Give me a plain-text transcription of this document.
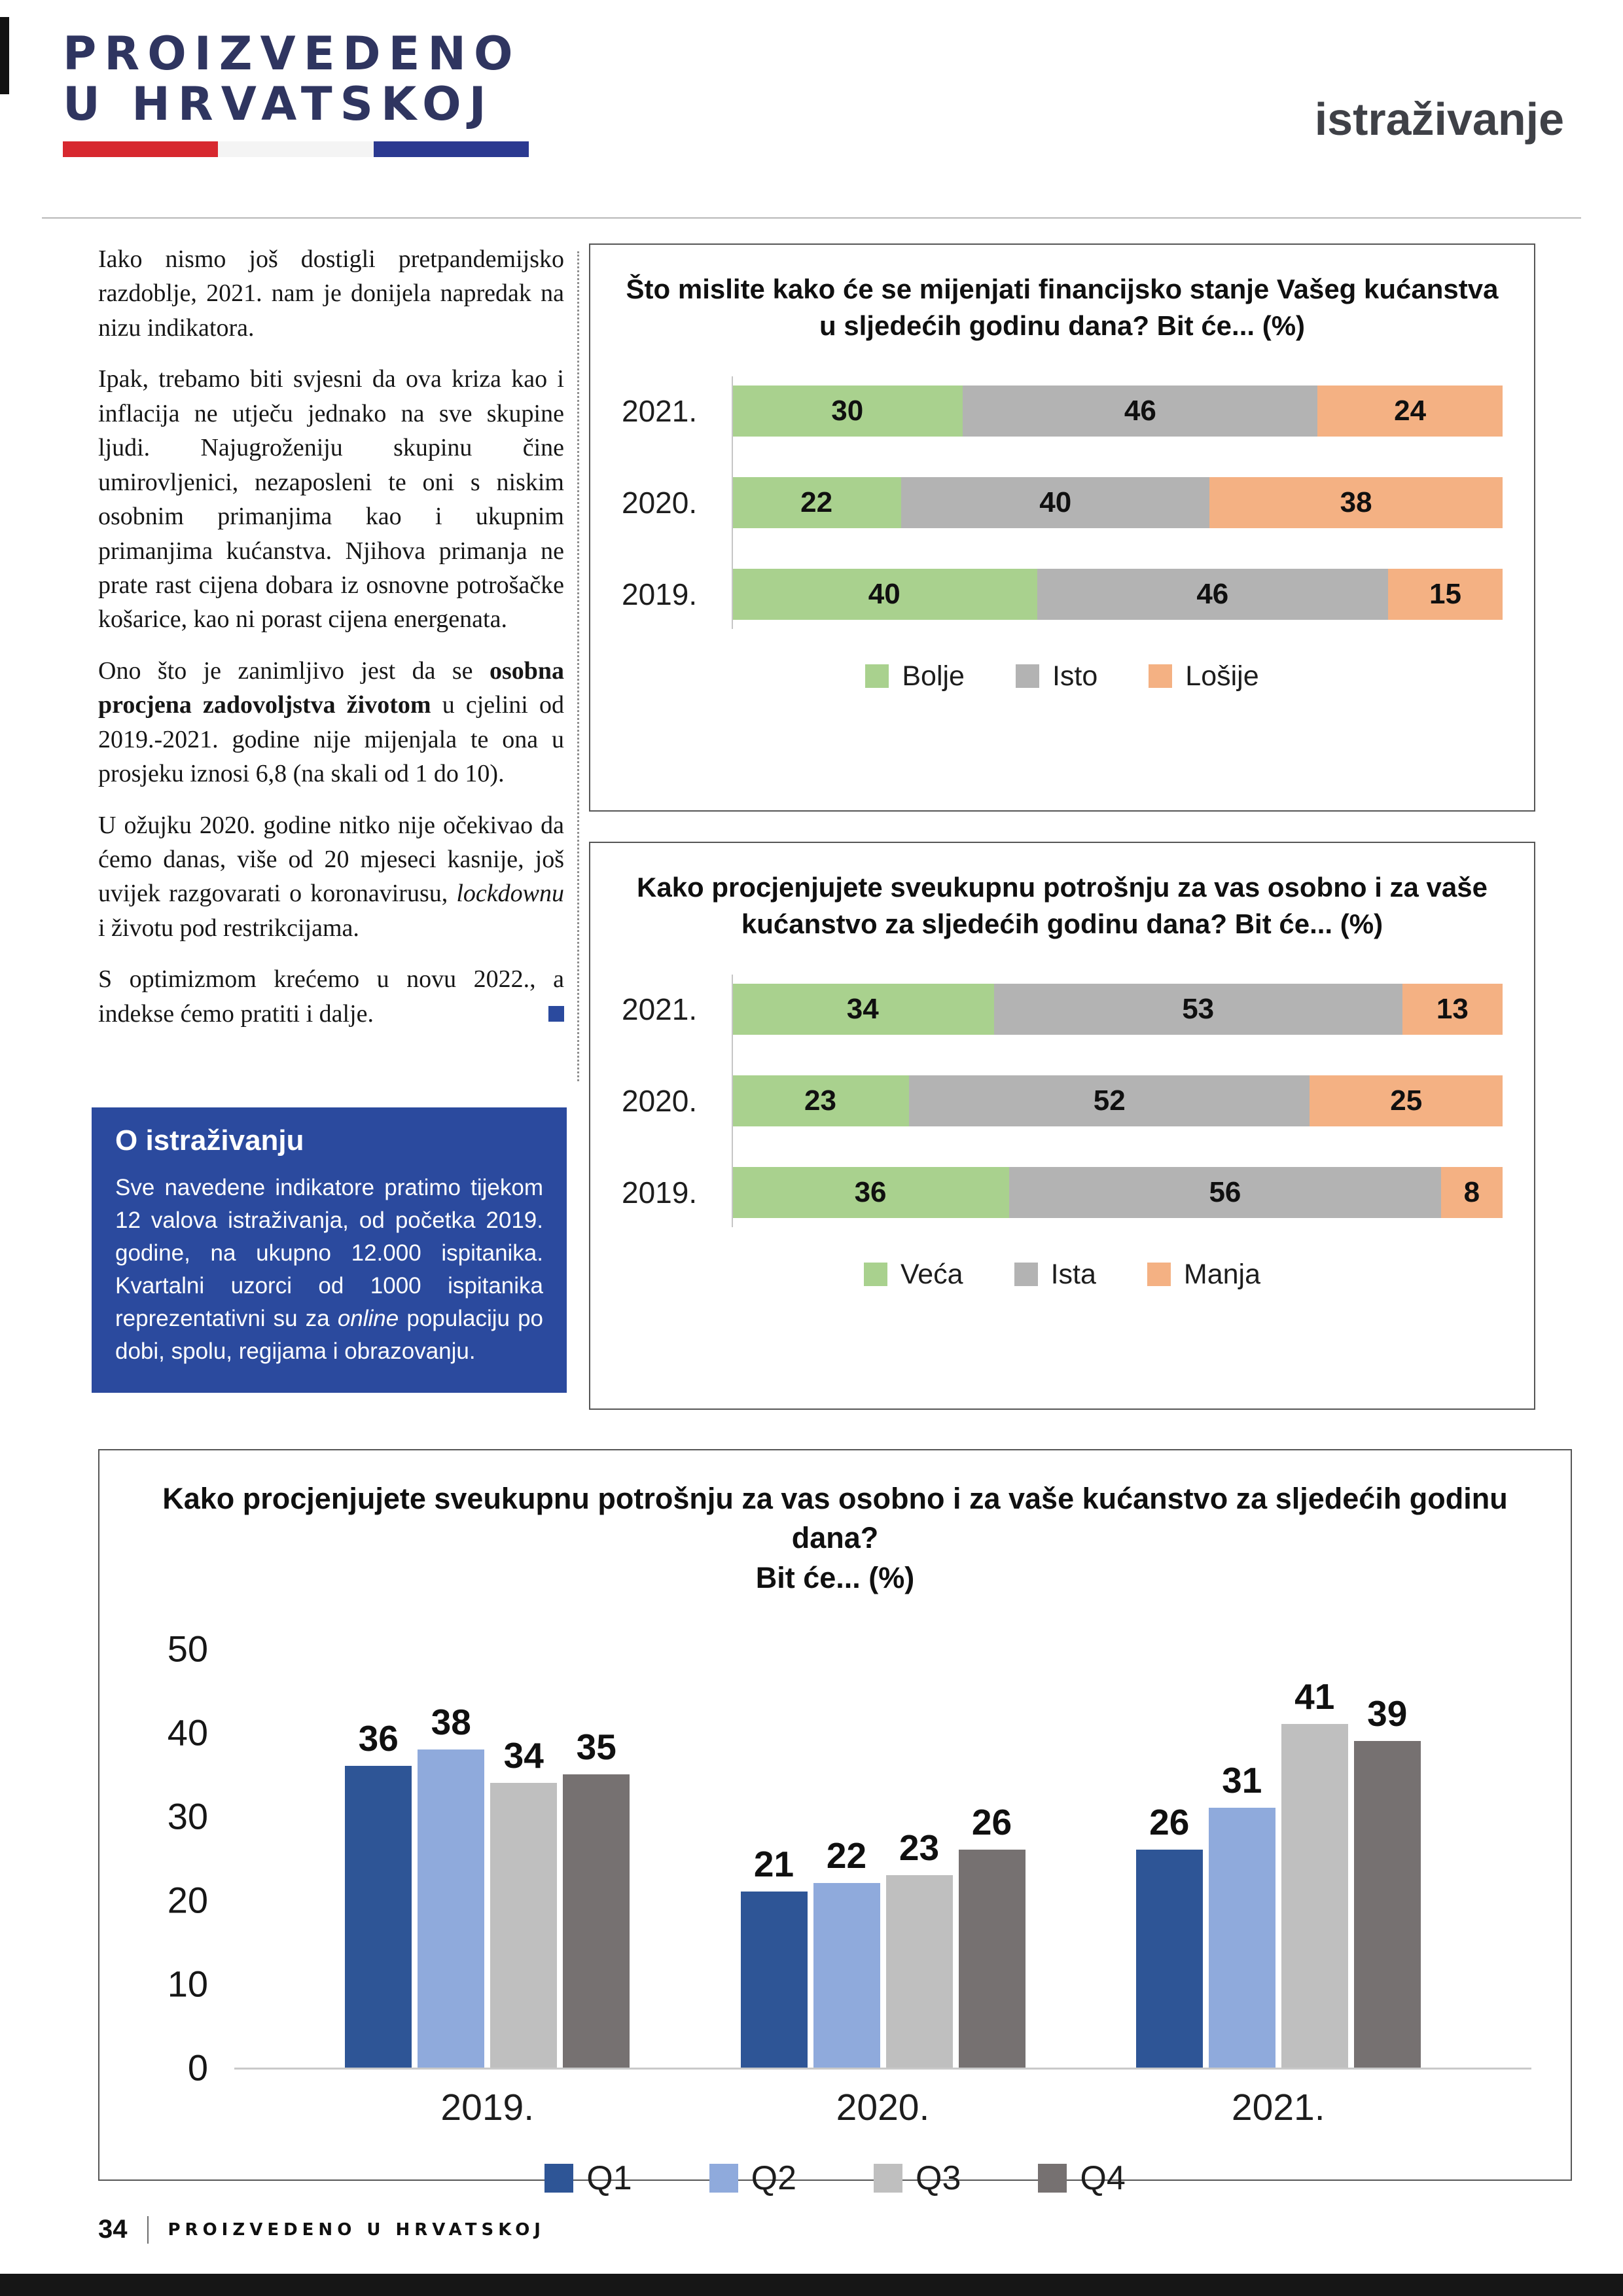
PROIZVEDENO
U HRVATSKOJ	istraživanje

Iako nismo još dostigli pretpandemijsko razdoblje, 2021. nam je donijela napredak na nizu indikatora.

Ipak, trebamo biti svjesni da ova kriza kao i inflacija ne utječu jednako na sve skupine ljudi. Najugroženiju skupinu čine umirovljenici, nezaposleni te oni s niskim osobnim primanjima kao i ukupnim primanjima kućanstva. Njihova primanja ne prate rast cijena dobara iz osnovne potrošačke košarice, kao ni porast cijena energenata.

Ono što je zanimljivo jest da se osobna procjena zadovoljstva životom u cjelini od 2019.-2021. godine nije mijenjala te ona u prosjeku iznosi 6,8 (na skali od 1 do 10).

U ožujku 2020. godine nitko nije očekivao da ćemo danas, više od 20 mjeseci kasnije, još uvijek razgovarati o koronavirusu, lockdownu i životu pod restrikcijama.

S optimizmom krećemo u novu 2022., a indekse ćemo pratiti i dalje.

O istraživanju
Sve navedene indikatore pratimo tijekom 12 valova istraživanja, od početka 2019. godine, na ukupno 12.000 ispitanika. Kvartalni uzorci od 1000 ispitanika reprezentativni su za online populaciju po dobi, spolu, regijama i obrazovanju.
Što mislite kako će se mijenjati financijsko stanje Vašeg kućanstva
u sljedećih godinu dana? Bit će... (%)
2021.	30	46	24
2020.	22	40	38
2019.	40	46	15
Bolje	Isto	Lošije
Kako procjenjujete sveukupnu potrošnju za vas osobno i za vaše
kućanstvo za sljedećih godinu dana? Bit će... (%)
2021.	34	53	13
2020.	23	52	25
2019.	36	56	8
Veća	Ista	Manja
Kako procjenjujete sveukupnu potrošnju za vas osobno i za vaše kućanstvo za sljedećih godinu dana?
Bit će... (%)
50
40
30
20
10
0
36 38
34 35
2019.
21 22 23
26
2020.
26
31
41 39
2021.
Q1	Q2	Q3	Q4
34 PROIZVEDENO U HRVATSKOJ
